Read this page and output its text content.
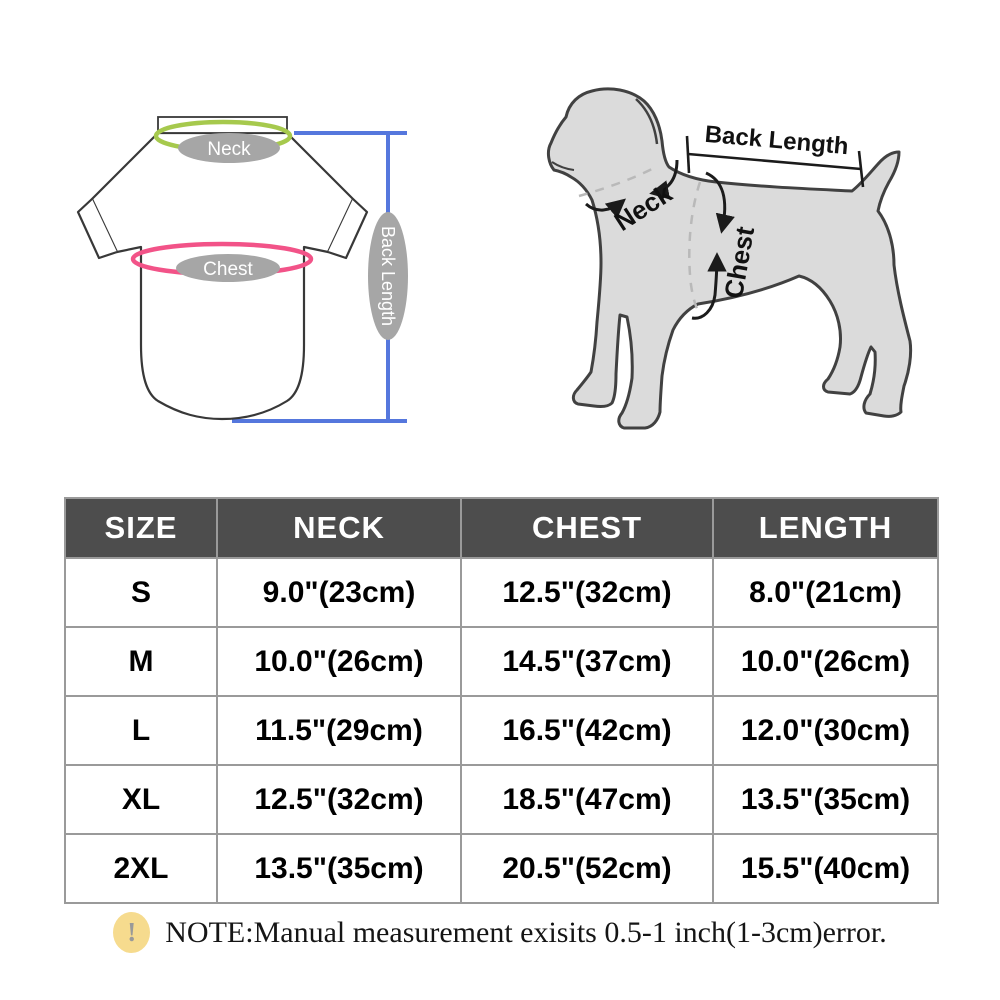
Neck
Chest	Back Length
Neck
Chest
Back Length
SIZE	NECK	CHEST	LENGTH
S	9.0"(23cm)	12.5"(32cm)	8.0"(21cm)
M	10.0"(26cm)	14.5"(37cm)	10.0"(26cm)
L	11.5"(29cm)	16.5"(42cm)	12.0"(30cm)
XL	12.5"(32cm)	18.5"(47cm)	13.5"(35cm)
2XL	13.5"(35cm)	20.5"(52cm)	15.5"(40cm)
! NOTE:Manual measurement exisits 0.5-1 inch(1-3cm)error.
